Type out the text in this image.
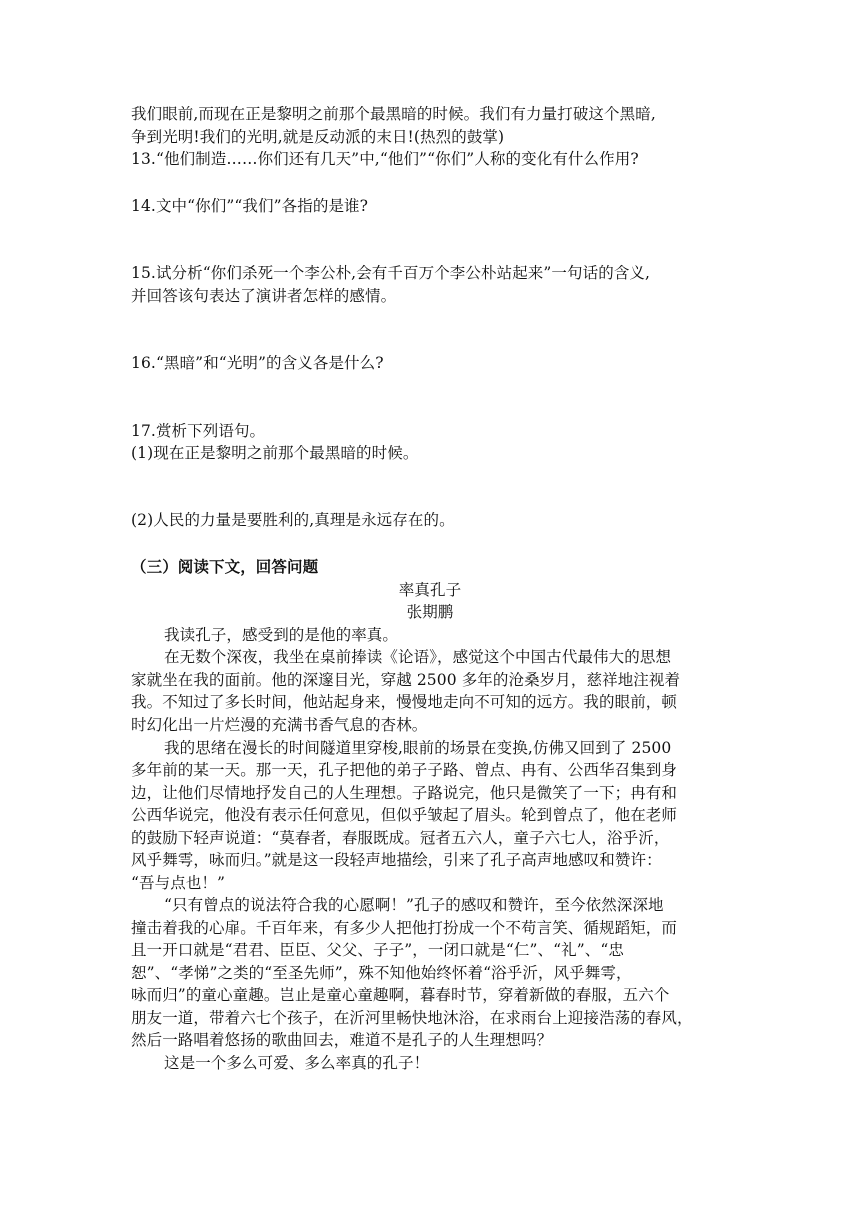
我们眼前,而现在正是黎明之前那个最黑暗的时候。我们有力量打破这个黑暗,
争到光明!我们的光明,就是反动派的末日!(热烈的鼓掌)
13.“他们制造……你们还有几天”中,“他们”“你们”人称的变化有什么作用?
14.文中“你们”“我们”各指的是谁?
15.试分析“你们杀死一个李公朴,会有千百万个李公朴站起来”一句话的含义,
并回答该句表达了演讲者怎样的感情。
16.“黑暗”和“光明”的含义各是什么?
17.赏析下列语句。
(1)现在正是黎明之前那个最黑暗的时候。
(2)人民的力量是要胜利的,真理是永远存在的。
（三）阅读下文，回答问题
率真孔子
张期鹏
我读孔子，感受到的是他的率真。
在无数个深夜，我坐在桌前捧读《论语》，感觉这个中国古代最伟大的思想
家就坐在我的面前。他的深邃目光，穿越 2500 多年的沧桑岁月，慈祥地注视着
我。不知过了多长时间，他站起身来，慢慢地走向不可知的远方。我的眼前，顿
时幻化出一片烂漫的充满书香气息的杏林。
我的思绪在漫长的时间隧道里穿梭,眼前的场景在变换,仿佛又回到了 2500
多年前的某一天。那一天，孔子把他的弟子子路、曾点、冉有、公西华召集到身
边，让他们尽情地抒发自己的人生理想。子路说完，他只是微笑了一下；冉有和
公西华说完，他没有表示任何意见，但似乎皱起了眉头。轮到曾点了，他在老师
的鼓励下轻声说道：“莫春者，春服既成。冠者五六人，童子六七人，浴乎沂，
风乎舞雩，咏而归。”就是这一段轻声地描绘，引来了孔子高声地感叹和赞许：
“吾与点也！”
“只有曾点的说法符合我的心愿啊！”孔子的感叹和赞许，至今依然深深地
撞击着我的心扉。千百年来，有多少人把他打扮成一个不苟言笑、循规蹈矩，而
且一开口就是“君君、臣臣、父父、子子”，一闭口就是“仁”、“礼”、“忠
恕”、“孝悌”之类的“至圣先师”，殊不知他始终怀着“浴乎沂，风乎舞雩，
咏而归”的童心童趣。岂止是童心童趣啊，暮春时节，穿着新做的春服，五六个
朋友一道，带着六七个孩子，在沂河里畅快地沐浴，在求雨台上迎接浩荡的春风，
然后一路唱着悠扬的歌曲回去，难道不是孔子的人生理想吗？
这是一个多么可爱、多么率真的孔子！
